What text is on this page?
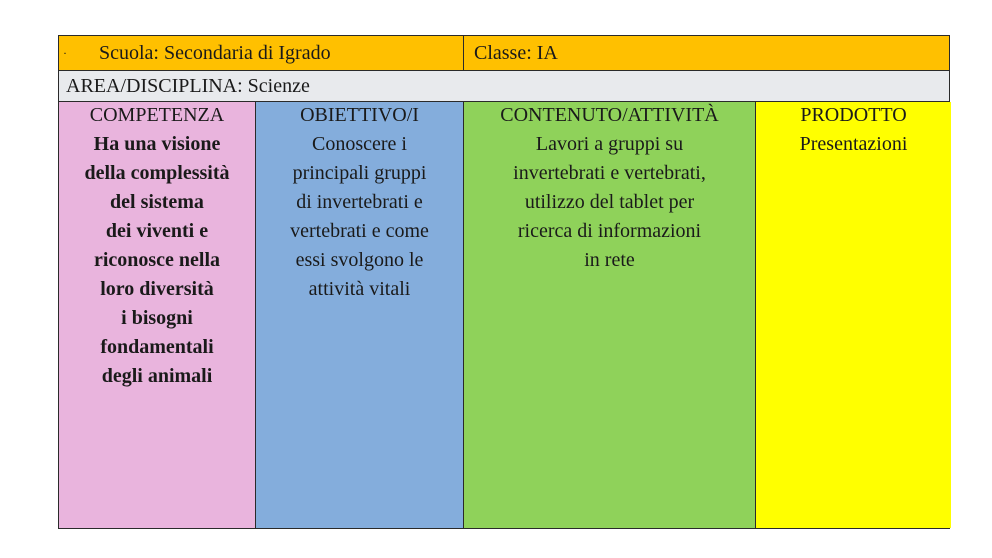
· Scuola: Secondaria di Igrado	Classe: IA
AREA/DISCIPLINA: Scienze
COMPETENZA
Ha una visione
della complessità
del sistema
dei viventi e
riconosce nella
loro diversità
i bisogni
fondamentali
degli animali
OBIETTIVO/I
Conoscere i
principali gruppi
di invertebrati e
vertebrati e come
essi svolgono le
attività vitali
CONTENUTO/ATTIVITÀ
Lavori a gruppi su
invertebrati e vertebrati,
utilizzo del tablet per
ricerca di informazioni
in rete
PRODOTTO
Presentazioni
